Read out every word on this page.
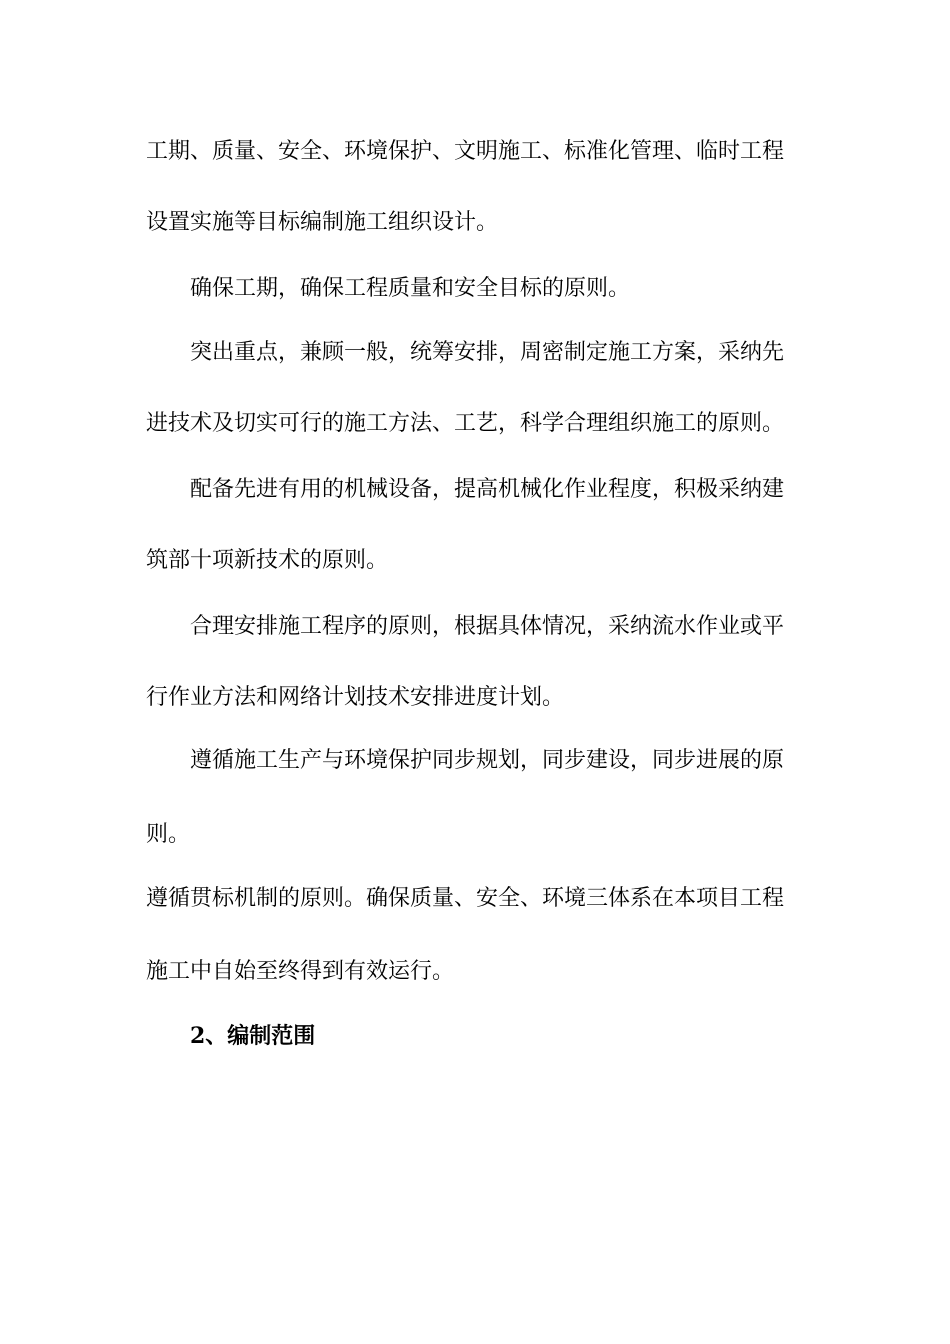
工期、质量、安全、环境保护、文明施工、标准化管理、临时工程
设置实施等目标编制施工组织设计。
确保工期，确保工程质量和安全目标的原则。
突出重点，兼顾一般，统筹安排，周密制定施工方案，采纳先
进技术及切实可行的施工方法、工艺，科学合理组织施工的原则。
配备先进有用的机械设备，提高机械化作业程度，积极采纳建
筑部十项新技术的原则。
合理安排施工程序的原则，根据具体情况，采纳流水作业或平
行作业方法和网络计划技术安排进度计划。
遵循施工生产与环境保护同步规划，同步建设，同步进展的原
则。
遵循贯标机制的原则。确保质量、安全、环境三体系在本项目工程
施工中自始至终得到有效运行。
2、编制范围
